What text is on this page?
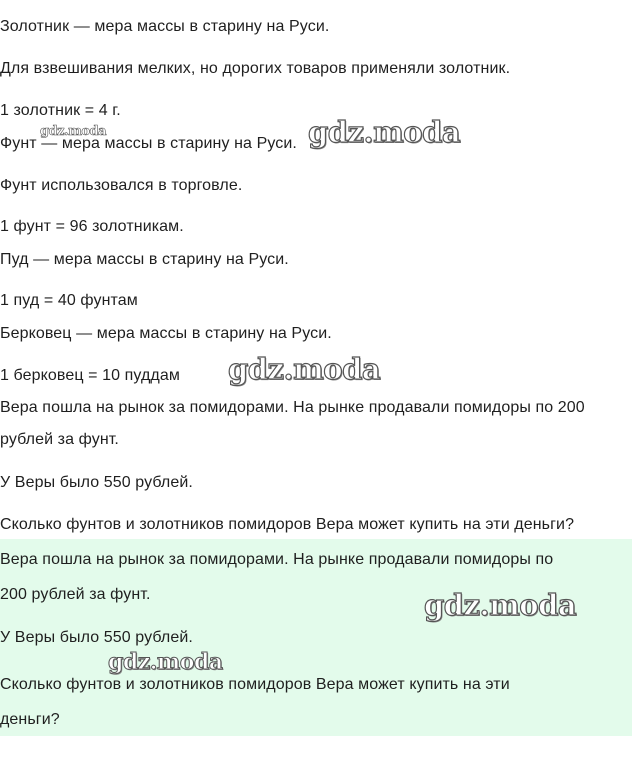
Золотник — мера массы в старину на Руси.
Для взвешивания мелких, но дорогих товаров применяли золотник.
1 золотник = 4 г.
Фунт — мера массы в старину на Руси.
Фунт использовался в торговле.
1 фунт = 96 золотникам.
Пуд — мера массы в старину на Руси.
1 пуд = 40 фунтам
Берковец — мера массы в старину на Руси.
1 берковец = 10 пуддам
Вера пошла на рынок за помидорами. На рынке продавали помидоры по 200
рублей за фунт.
У Веры было 550 рублей.
Сколько фунтов и золотников помидоров Вера может купить на эти деньги?
Вера пошла на рынок за помидорами. На рынке продавали помидоры по
200 рублей за фунт.
У Веры было 550 рублей.
Сколько фунтов и золотников помидоров Вера может купить на эти
деньги?
gdz.moda	gdz.moda
gdz.moda
gdz.moda
gdz.moda
